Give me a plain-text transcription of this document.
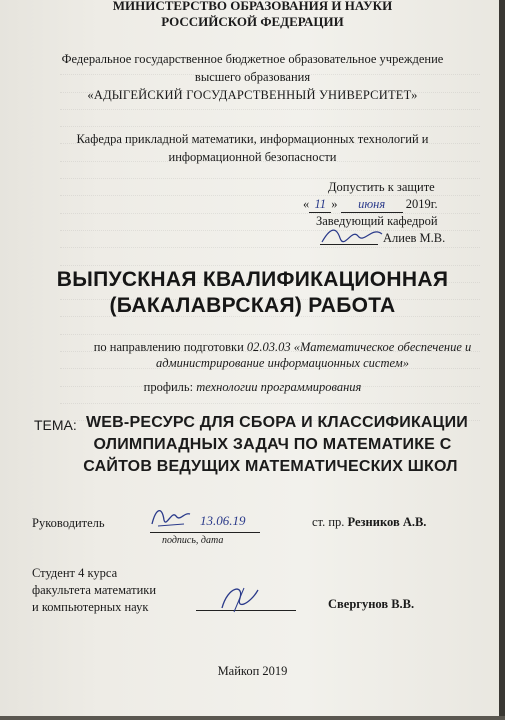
МИНИСТЕРСТВО ОБРАЗОВАНИЯ И НАУКИ
РОССИЙСКОЙ ФЕДЕРАЦИИ
Федеральное государственное бюджетное образовательное учреждение
высшего образования
«АДЫГЕЙСКИЙ ГОСУДАРСТВЕННЫЙ УНИВЕРСИТЕТ»
Кафедра прикладной математики, информационных технологий и
информационной безопасности
Допустить к защите
« 11 » июня 2019г.
Заведующий кафедрой
Алиев М.В.
ВЫПУСКНАЯ КВАЛИФИКАЦИОННАЯ
(БАКАЛАВРСКАЯ) РАБОТА
по направлению подготовки 02.03.03 «Математическое обеспечение и
администрирование информационных систем»
профиль: технологии программирования
ТЕМА: WEB-РЕСУРС ДЛЯ СБОРА И КЛАССИФИКАЦИИ
ОЛИМПИАДНЫХ ЗАДАЧ ПО МАТЕМАТИКЕ С
САЙТОВ ВЕДУЩИХ МАТЕМАТИЧЕСКИХ ШКОЛ
Руководитель	13.06.19
подпись, дата
ст. пр. Резников А.В.
Студент 4 курса
факультета математики
и компьютерных наук	Свергунов В.В.
Майкоп 2019
